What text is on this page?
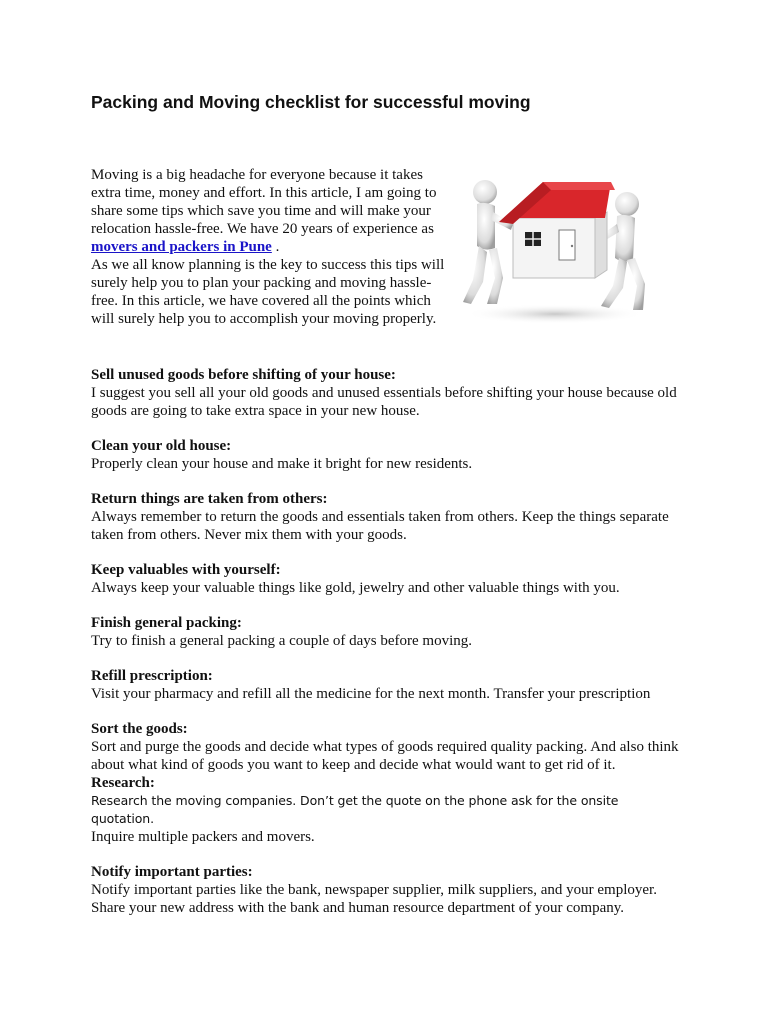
Packing and Moving checklist for successful moving

Moving is a big headache for everyone because it takes extra time, money and effort. In this article, I am going to share some tips which save you time and will make your relocation hassle-free. We have 20 years of experience as movers and packers in Pune .

As we all know planning is the key to success this tips will surely help you to plan your packing and moving hassle-free. In this article, we have covered all the points which will surely help you to accomplish your moving properly.

Sell unused goods before shifting of your house:

I suggest you sell all your old goods and unused essentials before shifting your house because old goods are going to take extra space in your new house.

Clean your old house:

Properly clean your house and make it bright for new residents.

Return things are taken from others:

Always remember to return the goods and essentials taken from others. Keep the things separate taken from others. Never mix them with your goods.

Keep valuables with yourself:

Always keep your valuable things like gold, jewelry and other valuable things with you.

Finish general packing:

Try to finish a general packing a couple of days before moving.

Refill prescription:

Visit your pharmacy and refill all the medicine for the next month. Transfer your prescription

Sort the goods:

Sort and purge the goods and decide what types of goods required quality packing. And also think about what kind of goods you want to keep and decide what would want to get rid of it.

Research:

Research the moving companies. Don’t get the quote on the phone ask for the onsite quotation.

Inquire multiple packers and movers.

Notify important parties:

Notify important parties like the bank, newspaper supplier, milk suppliers, and your employer. Share your new address with the bank and human resource department of your company.
